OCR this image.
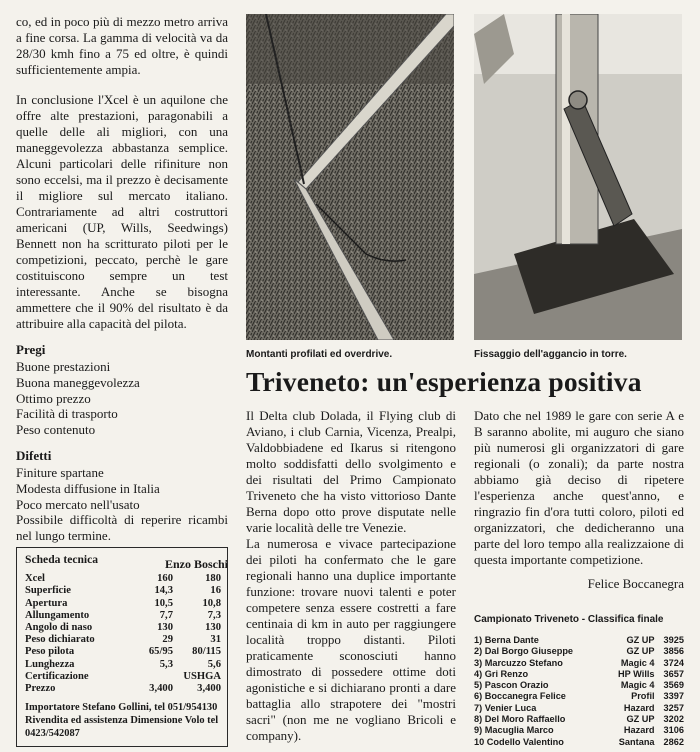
co, ed in poco più di mezzo metro arriva a fine corsa. La gamma di velocità va da 28/30 kmh fino a 75 ed oltre, è quindi sufficientemente ampia.

In conclusione l'Xcel è un aquilone che offre alte prestazioni, paragonabili a quelle delle ali migliori, con una maneggevolezza abbastanza semplice. Alcuni particolari delle rifiniture non sono eccelsi, ma il prezzo è decisamente il migliore sul mercato italiano. Contrariamente ad altri costruttori americani (UP, Wills, Seedwings) Bennett non ha scritturato piloti per le competizioni, peccato, perchè le gare costituiscono sempre un test interessante. Anche se bisogna ammettere che il 90% del risultato è da attribuire alla capacità del pilota.

Pregi
Buone prestazioni
Buona maneggevolezza
Ottimo prezzo
Facilità di trasporto
Peso contenuto
Difetti
Finiture spartane
Modesta diffusione in Italia
Poco mercato nell'usato
Possibile difficoltà di reperire ricambi nel lungo termine.
Enzo Boschi
Scheda tecnica
Xcel	160	180
Superficie	14,3	16
Apertura	10,5	10,8
Allungamento	7,7	7,3
Angolo di naso	130	130
Peso dichiarato	29	31
Peso pilota	65/95	80/115
Lunghezza	5,3	5,6
Certificazione	USHGA
Prezzo	3,400	3,400
Importatore Stefano Gollini, tel 051/954130 Rivendita ed assistenza Dimensione Volo tel 0423/542087
Montanti profilati ed overdrive.	Fissaggio dell'aggancio in torre.
Triveneto: un'esperienza positiva

Il Delta club Dolada, il Flying club di Aviano, i club Carnia, Vicenza, Prealpi, Valdobbiadene ed Ikarus si ritengono molto soddisfatti dello svolgimento e dei risultati del Primo Campionato Triveneto che ha visto vittorioso Dante Berna dopo otto prove disputate nelle varie località delle tre Venezie.

La numerosa e vivace partecipazione dei piloti ha confermato che le gare regionali hanno una duplice importante funzione: trovare nuovi talenti e poter competere senza essere costretti a fare centinaia di km in auto per raggiungere località troppo distanti. Piloti praticamente sconosciuti hanno dimostrato di possedere ottime doti agonistiche e si dichiarano pronti a dare battaglia allo strapotere dei "mostri sacri" (non me ne vogliano Bricoli e company).

Dato che nel 1989 le gare con serie A e B saranno abolite, mi auguro che siano più numerosi gli organizzatori di gare regionali (o zonali); da parte nostra abbiamo già deciso di ripetere l'esperienza anche quest'anno, e ringrazio fin d'ora tutti coloro, piloti ed organizzatori, che dedicheranno una parte del loro tempo alla realizzaione di questa importante competizione.

Felice Boccanegra
Campionato Triveneto - Classifica finale
1) Berna Dante	GZ UP 3925
2) Dal Borgo Giuseppe	GZ UP 3856
3) Marcuzzo Stefano	Magic 4 3724
4) Gri Renzo	HP Wills 3657
5) Pascon Orazio	Magic 4 3569
6) Boccanegra Felice	Profil 3397
7) Venier Luca	Hazard 3257
8) Del Moro Raffaello	GZ UP 3202
9) Macuglia Marco	Hazard 3106
10 Codello Valentino	Santana 2862
